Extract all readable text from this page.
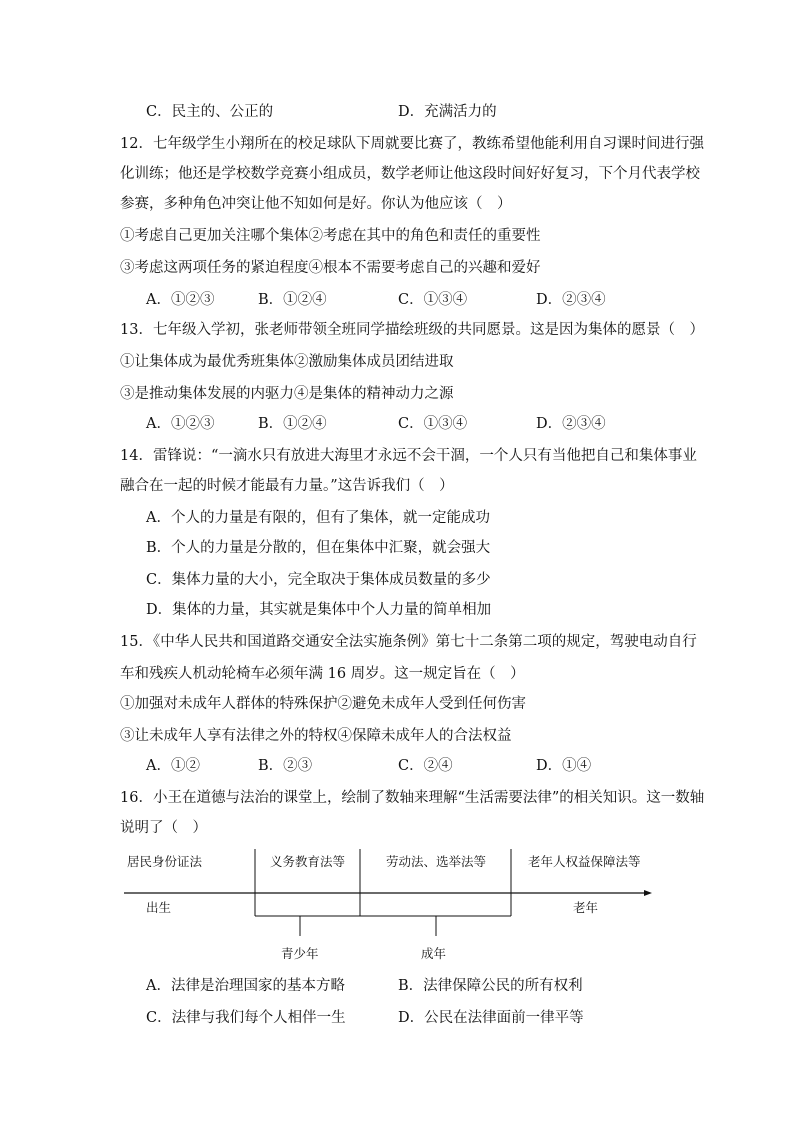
C．民主的、公正的	D．充满活力的
12．七年级学生小翔所在的校足球队下周就要比赛了，教练希望他能利用自习课时间进行强
化训练；他还是学校数学竞赛小组成员，数学老师让他这段时间好好复习，下个月代表学校
参赛，多种角色冲突让他不知如何是好。你认为他应该（　）
①考虑自己更加关注哪个集体②考虑在其中的角色和责任的重要性
③考虑这两项任务的紧迫程度④根本不需要考虑自己的兴趣和爱好
A．①②③	B．①②④	C．①③④	D．②③④
13．七年级入学初，张老师带领全班同学描绘班级的共同愿景。这是因为集体的愿景（　）
①让集体成为最优秀班集体②激励集体成员团结进取
③是推动集体发展的内驱力④是集体的精神动力之源
A．①②③	B．①②④	C．①③④	D．②③④
14．雷锋说：“一滴水只有放进大海里才永远不会干涸，一个人只有当他把自己和集体事业
融合在一起的时候才能最有力量。”这告诉我们（　）
A．个人的力量是有限的，但有了集体，就一定能成功
B．个人的力量是分散的，但在集体中汇聚，就会强大
C．集体力量的大小，完全取决于集体成员数量的多少
D．集体的力量，其实就是集体中个人力量的简单相加
15．《中华人民共和国道路交通安全法实施条例》第七十二条第二项的规定，驾驶电动自行
车和残疾人机动轮椅车必须年满 16 周岁。这一规定旨在（　）
①加强对未成年人群体的特殊保护②避免未成年人受到任何伤害
③让未成年人享有法律之外的特权④保障未成年人的合法权益
A．①②	B．②③	C．②④	D．①④
16．小王在道德与法治的课堂上，绘制了数轴来理解“生活需要法律”的相关知识。这一数轴
说明了（　）
居民身份证法	义务教育法等	劳动法、选举法等	老年人权益保障法等
出生	老年
青少年	成年
A．法律是治理国家的基本方略	B．法律保障公民的所有权利
C．法律与我们每个人相伴一生	D．公民在法律面前一律平等
